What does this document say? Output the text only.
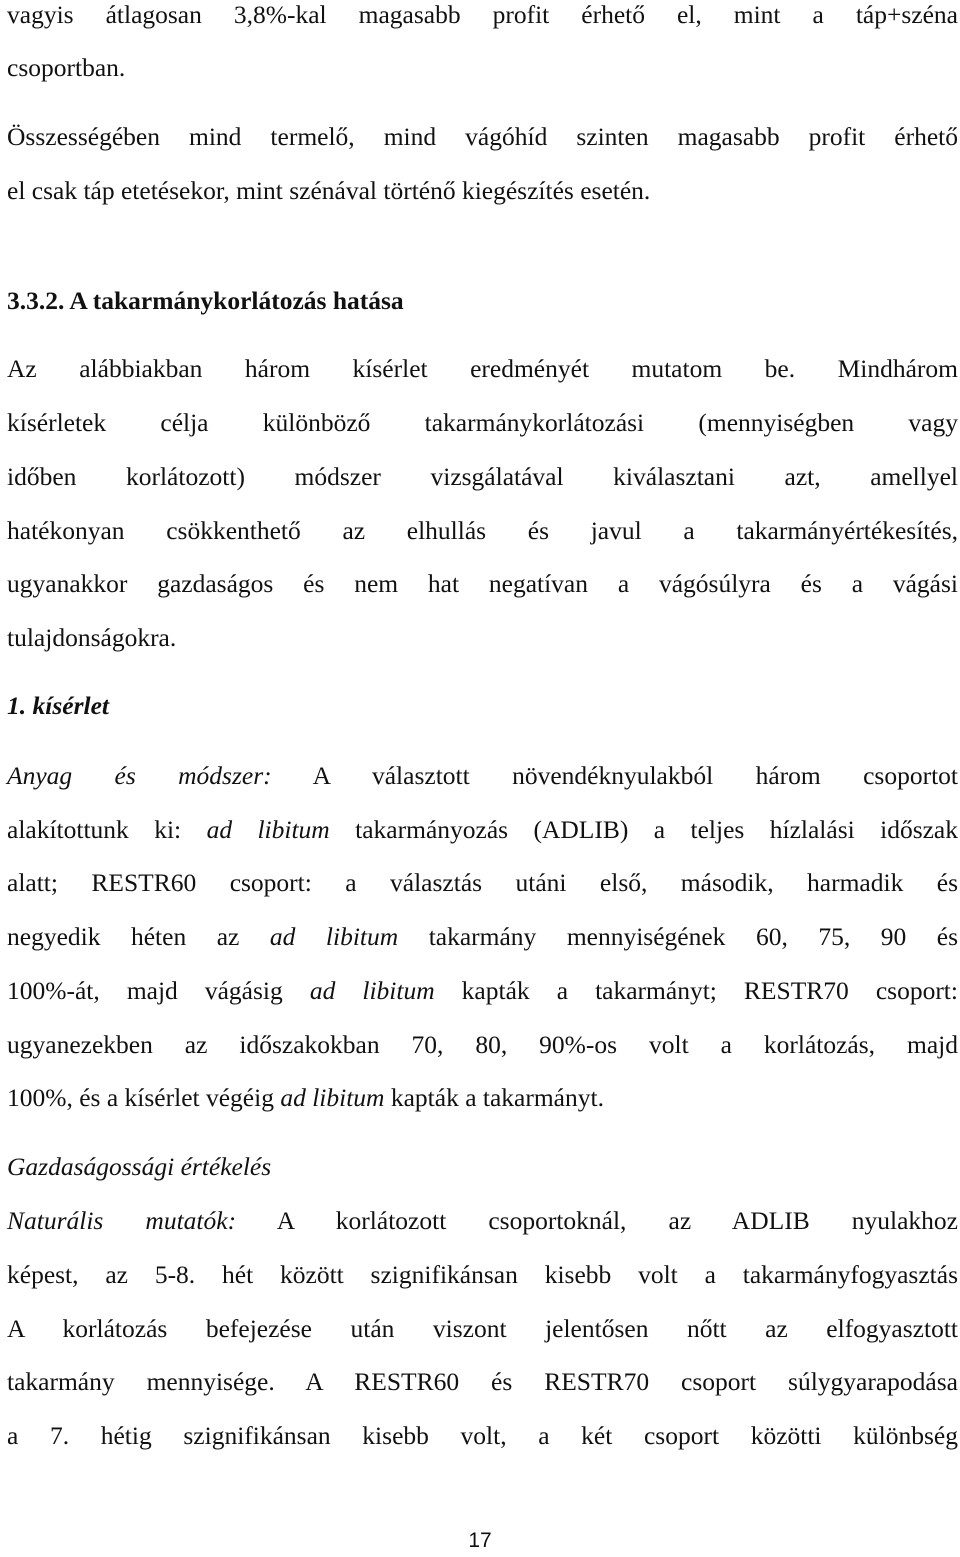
vagyis átlagosan 3,8%-kal magasabb profit érhető el, mint a táp+széna
csoportban.
Összességében mind termelő, mind vágóhíd szinten magasabb profit érhető
el csak táp etetésekor, mint szénával történő kiegészítés esetén.
3.3.2. A takarmánykorlátozás hatása
Az alábbiakban három kísérlet eredményét mutatom be. Mindhárom
kísérletek célja különböző takarmánykorlátozási (mennyiségben vagy
időben korlátozott) módszer vizsgálatával kiválasztani azt, amellyel
hatékonyan csökkenthető az elhullás és javul a takarmányértékesítés,
ugyanakkor gazdaságos és nem hat negatívan a vágósúlyra és a vágási
tulajdonságokra.
1. kísérlet
Anyag és módszer: A választott növendéknyulakból három csoportot
alakítottunk ki: ad libitum takarmányozás (ADLIB) a teljes hízlalási időszak
alatt; RESTR60 csoport: a választás utáni első, második, harmadik és
negyedik héten az ad libitum takarmány mennyiségének 60, 75, 90 és
100%-át, majd vágásig ad libitum kapták a takarmányt; RESTR70 csoport:
ugyanezekben az időszakokban 70, 80, 90%-os volt a korlátozás, majd
100%, és a kísérlet végéig ad libitum kapták a takarmányt.
Gazdaságossági értékelés
Naturális mutatók: A korlátozott csoportoknál, az ADLIB nyulakhoz
képest, az 5-8. hét között szignifikánsan kisebb volt a takarmányfogyasztás
A korlátozás befejezése után viszont jelentősen nőtt az elfogyasztott
takarmány mennyisége. A RESTR60 és RESTR70 csoport súlygyarapodása
a 7. hétig szignifikánsan kisebb volt, a két csoport közötti különbség
17
